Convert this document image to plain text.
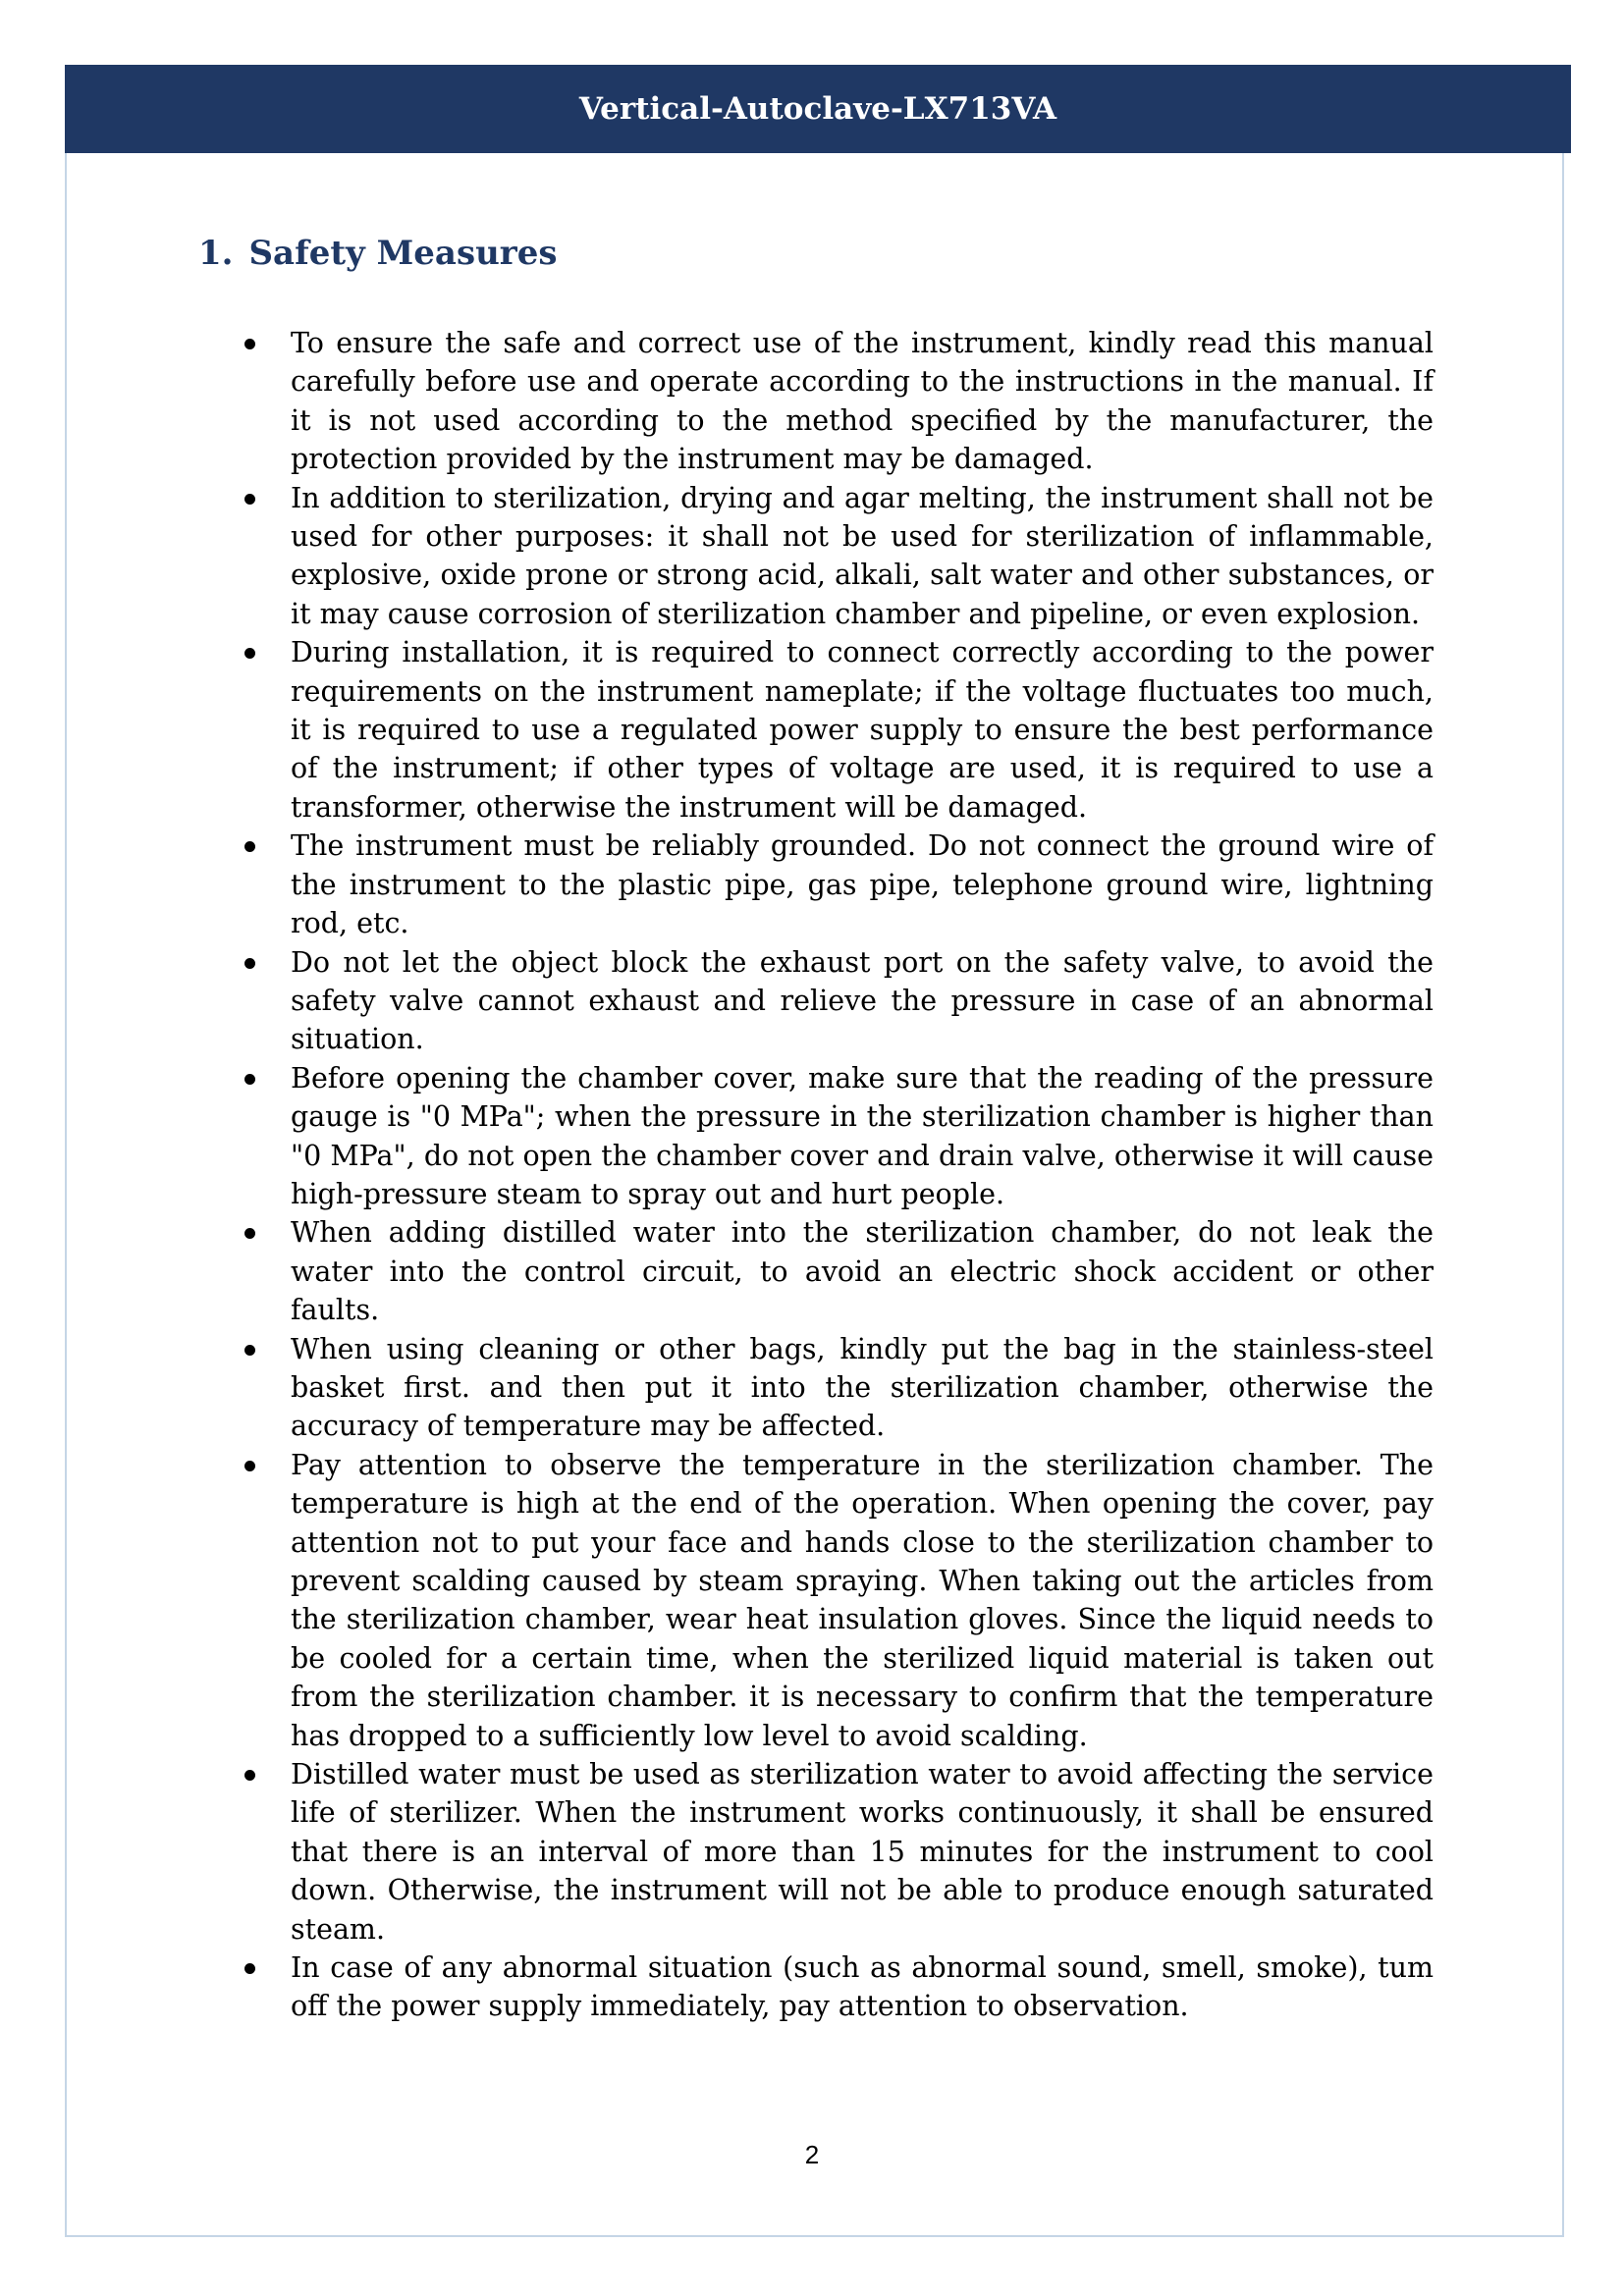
Vertical-Autoclave-LX713VA
1. Safety Measures
To ensure the safe and correct use of the instrument, kindly read this manual carefully before use and operate according to the instructions in the manual. If it is not used according to the method specified by the manufacturer, the protection provided by the instrument may be damaged.
In addition to sterilization, drying and agar melting, the instrument shall not be used for other purposes: it shall not be used for sterilization of inflammable, explosive, oxide prone or strong acid, alkali, salt water and other substances, or it may cause corrosion of sterilization chamber and pipeline, or even explosion.
During installation, it is required to connect correctly according to the power requirements on the instrument nameplate; if the voltage fluctuates too much, it is required to use a regulated power supply to ensure the best performance of the instrument; if other types of voltage are used, it is required to use a transformer, otherwise the instrument will be damaged.
The instrument must be reliably grounded. Do not connect the ground wire of the instrument to the plastic pipe, gas pipe, telephone ground wire, lightning rod, etc.
Do not let the object block the exhaust port on the safety valve, to avoid the safety valve cannot exhaust and relieve the pressure in case of an abnormal situation.
Before opening the chamber cover, make sure that the reading of the pressure gauge is "0 MPa"; when the pressure in the sterilization chamber is higher than "0 MPa", do not open the chamber cover and drain valve, otherwise it will cause high-pressure steam to spray out and hurt people.
When adding distilled water into the sterilization chamber, do not leak the water into the control circuit, to avoid an electric shock accident or other faults.
When using cleaning or other bags, kindly put the bag in the stainless-steel basket first. and then put it into the sterilization chamber, otherwise the accuracy of temperature may be affected.
Pay attention to observe the temperature in the sterilization chamber. The temperature is high at the end of the operation. When opening the cover, pay attention not to put your face and hands close to the sterilization chamber to prevent scalding caused by steam spraying. When taking out the articles from the sterilization chamber, wear heat insulation gloves. Since the liquid needs to be cooled for a certain time, when the sterilized liquid material is taken out from the sterilization chamber. it is necessary to confirm that the temperature has dropped to a sufficiently low level to avoid scalding.
Distilled water must be used as sterilization water to avoid affecting the service life of sterilizer. When the instrument works continuously, it shall be ensured that there is an interval of more than 15 minutes for the instrument to cool down. Otherwise, the instrument will not be able to produce enough saturated steam.
In case of any abnormal situation (such as abnormal sound, smell, smoke), tum off the power supply immediately, pay attention to observation.
2
